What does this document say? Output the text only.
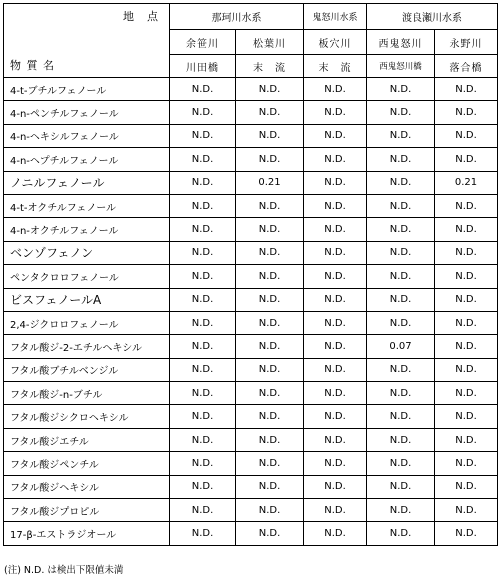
地　点
物 質 名	那珂川水系		鬼怒川水系	渡良瀬川水系	
	余笹川	松葉川	板穴川	西鬼怒川	永野川
	川田橋	末　流	末　流	西鬼怒川橋	落合橋
4-t-ブチルフェノール	N.D.	N.D.	N.D.	N.D.	N.D.
4-n-ペンチルフェノール	N.D.	N.D.	N.D.	N.D.	N.D.
4-n-ヘキシルフェノール	N.D.	N.D.	N.D.	N.D.	N.D.
4-n-ヘプチルフェノール	N.D.	N.D.	N.D.	N.D.	N.D.
ノニルフェノール	N.D.	0.21	N.D.	N.D.	0.21
4-t-オクチルフェノール	N.D.	N.D.	N.D.	N.D.	N.D.
4-n-オクチルフェノール	N.D.	N.D.	N.D.	N.D.	N.D.
ベンゾフェノン	N.D.	N.D.	N.D.	N.D.	N.D.
ペンタクロロフェノール	N.D.	N.D.	N.D.	N.D.	N.D.
ビスフェノールA	N.D.	N.D.	N.D.	N.D.	N.D.
2,4-ジクロロフェノール	N.D.	N.D.	N.D.	N.D.	N.D.
フタル酸ジ-2-エチルヘキシル	N.D.	N.D.	N.D.	0.07	N.D.
フタル酸ブチルベンジル	N.D.	N.D.	N.D.	N.D.	N.D.
フタル酸ジ-n-ブチル	N.D.	N.D.	N.D.	N.D.	N.D.
フタル酸ジシクロヘキシル	N.D.	N.D.	N.D.	N.D.	N.D.
フタル酸ジエチル	N.D.	N.D.	N.D.	N.D.	N.D.
フタル酸ジペンチル	N.D.	N.D.	N.D.	N.D.	N.D.
フタル酸ジヘキシル	N.D.	N.D.	N.D.	N.D.	N.D.
フタル酸ジプロピル	N.D.	N.D.	N.D.	N.D.	N.D.
17-β-エストラジオール	N.D.	N.D.	N.D.	N.D.	N.D.
(注) N.D. は検出下限値未満
